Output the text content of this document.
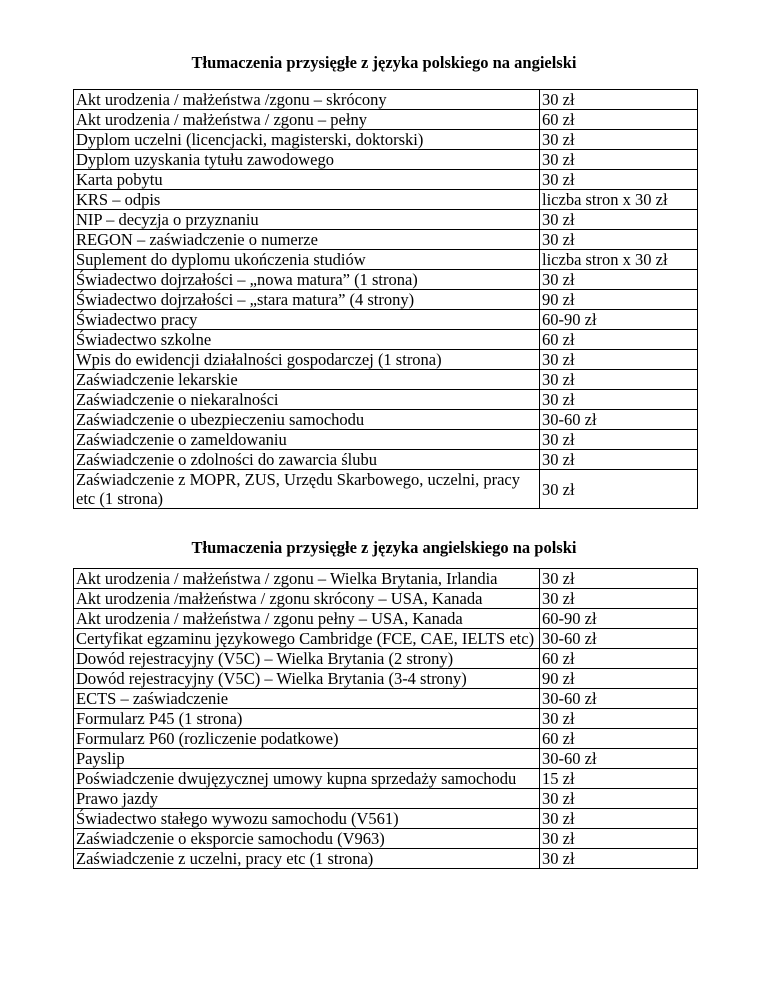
Tłumaczenia przysięgłe z języka polskiego na angielski
Akt urodzenia / małżeństwa /zgonu – skrócony	30 zł
Akt urodzenia / małżeństwa / zgonu – pełny	60 zł
Dyplom uczelni (licencjacki, magisterski, doktorski)	30 zł
Dyplom uzyskania tytułu zawodowego	30 zł
Karta pobytu	30 zł
KRS – odpis	liczba stron x 30 zł
NIP – decyzja o przyznaniu	30 zł
REGON – zaświadczenie o numerze	30 zł
Suplement do dyplomu ukończenia studiów	liczba stron x 30 zł
Świadectwo dojrzałości – „nowa matura” (1 strona)	30 zł
Świadectwo dojrzałości – „stara matura” (4 strony)	90 zł
Świadectwo pracy	60-90 zł
Świadectwo szkolne	60 zł
Wpis do ewidencji działalności gospodarczej (1 strona)	30 zł
Zaświadczenie lekarskie	30 zł
Zaświadczenie o niekaralności	30 zł
Zaświadczenie o ubezpieczeniu samochodu	30-60 zł
Zaświadczenie o zameldowaniu	30 zł
Zaświadczenie o zdolności do zawarcia ślubu	30 zł
Zaświadczenie z MOPR, ZUS, Urzędu Skarbowego, uczelni, pracy etc (1 strona)	30 zł
Tłumaczenia przysięgłe z języka angielskiego na polski
Akt urodzenia / małżeństwa / zgonu – Wielka Brytania, Irlandia	30 zł
Akt urodzenia /małżeństwa / zgonu skrócony – USA, Kanada	30 zł
Akt urodzenia / małżeństwa / zgonu pełny – USA, Kanada	60-90 zł
Certyfikat egzaminu językowego Cambridge (FCE, CAE, IELTS etc)	30-60 zł
Dowód rejestracyjny (V5C) – Wielka Brytania (2 strony)	60 zł
Dowód rejestracyjny (V5C) – Wielka Brytania (3-4 strony)	90 zł
ECTS – zaświadczenie	30-60 zł
Formularz P45 (1 strona)	30 zł
Formularz P60 (rozliczenie podatkowe)	60 zł
Payslip	30-60 zł
Poświadczenie dwujęzycznej umowy kupna sprzedaży samochodu	15 zł
Prawo jazdy	30 zł
Świadectwo stałego wywozu samochodu (V561)	30 zł
Zaświadczenie o eksporcie samochodu (V963)	30 zł
Zaświadczenie z uczelni, pracy etc (1 strona)	30 zł
